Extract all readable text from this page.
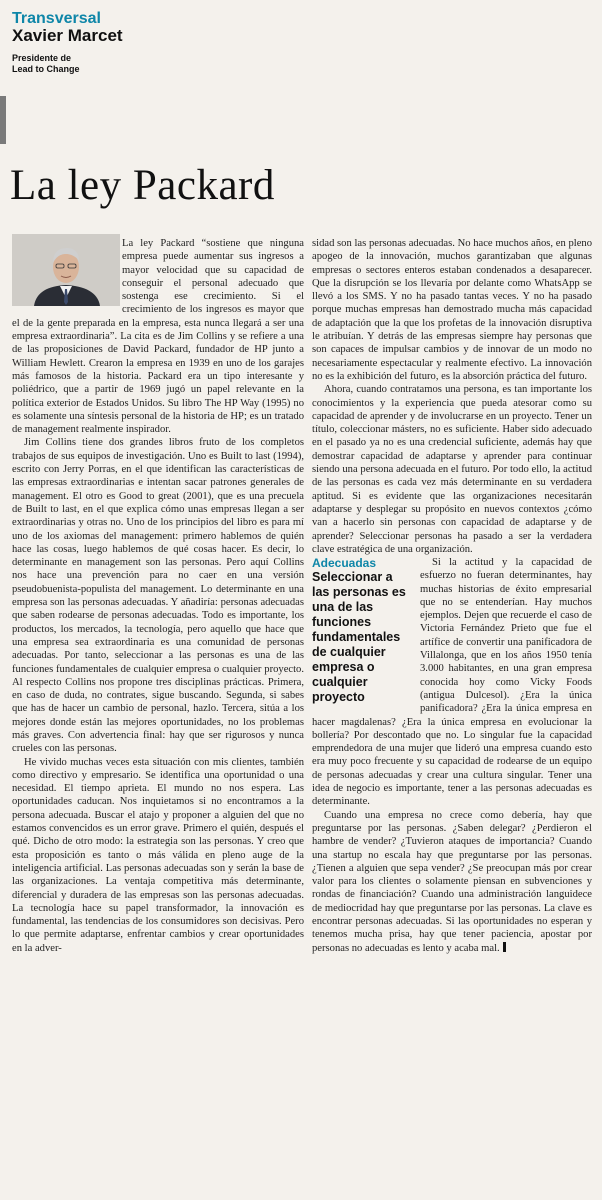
Transversal
Xavier Marcet
Presidente de
Lead to Change
La ley Packard

La ley Packard “sostiene que ninguna empresa puede aumentar sus ingresos a mayor velocidad que su capacidad de conseguir el personal adecuado que sostenga ese crecimiento. Si el crecimiento de los ingresos es mayor que el de la gente preparada en la empresa, esta nunca llegará a ser una empresa extraordinaria”. La cita es de Jim Collins y se refiere a una de las proposiciones de David Packard, fundador de HP junto a William Hewlett. Crearon la empresa en 1939 en uno de los garajes más famosos de la historia. Packard era un tipo interesante y poliédrico, que a partir de 1969 jugó un papel relevante en la política exterior de Estados Unidos. Su libro The HP Way (1995) no es solamente una síntesis personal de la historia de HP; es un tratado de management realmente inspirador.

Jim Collins tiene dos grandes libros fruto de los completos trabajos de sus equipos de investigación. Uno es Built to last (1994), escrito con Jerry Porras, en el que identifican las características de las empresas extraordinarias e intentan sacar patrones generales de management. El otro es Good to great (2001), que es una precuela de Built to last, en el que explica cómo unas empresas llegan a ser extraordinarias y otras no. Uno de los principios del libro es para mí uno de los axiomas del management: primero hablemos de quién hace las cosas, luego hablemos de qué cosas hacer. Es decir, lo determinante en management son las personas. Pero aquí Collins nos hace una prevención para no caer en una versión pseudobuenista-populista del management. Lo determinante en una empresa son las personas adecuadas. Y añadiría: personas adecuadas que saben rodearse de personas adecuadas. Todo es importante, los productos, los mercados, la tecnología, pero aquello que hace que una empresa sea extraordinaria es una comunidad de personas adecuadas. Por tanto, seleccionar a las personas es una de las funciones fundamentales de cualquier empresa o cualquier proyecto. Al respecto Collins nos propone tres disciplinas prácticas. Primera, en caso de duda, no contrates, sigue buscando. Segunda, si sabes que has de hacer un cambio de personal, hazlo. Tercera, sitúa a los mejores donde están las mejores oportunidades, no los problemas más graves. Con advertencia final: hay que ser rigurosos y nunca crueles con las personas.

He vivido muchas veces esta situación con mis clientes, también como directivo y empresario. Se identifica una oportunidad o una necesidad. El tiempo aprieta. El mundo no nos espera. Las oportunidades caducan. Nos inquietamos si no encontramos a la persona adecuada. Buscar el atajo y proponer a alguien del que no estamos convencidos es un error grave. Primero el quién, después el qué. Dicho de otro modo: la estrategia son las personas. Y creo que esta proposición es tanto o más válida en pleno auge de la inteligencia artificial. Las personas adecuadas son y serán la base de las organizaciones. La ventaja competitiva más determinante, diferencial y duradera de las empresas son las personas adecuadas. La tecnología hace su papel transformador, la innovación es fundamental, las tendencias de los consumidores son decisivas. Pero lo que permite adaptarse, enfrentar cambios y crear oportunidades en la adver-

sidad son las personas adecuadas. No hace muchos años, en pleno apogeo de la innovación, muchos garantizaban que algunas empresas o sectores enteros estaban condenados a desaparecer. Que la disrupción se los llevaría por delante como WhatsApp se llevó a los SMS. Y no ha pasado tantas veces. Y no ha pasado porque muchas empresas han demostrado mucha más capacidad de adaptación que la que los profetas de la innovación disruptiva le atribuían. Y detrás de las empresas siempre hay personas que son capaces de impulsar cambios y de innovar de un modo no necesariamente espectacular y realmente efectivo. La innovación no es la exhibición del futuro, es la absorción práctica del futuro.

Ahora, cuando contratamos una persona, es tan importante los conocimientos y la experiencia que pueda atesorar como su capacidad de aprender y de involucrarse en un proyecto. Tener un título, coleccionar másters, no es suficiente. Haber sido adecuado en el pasado ya no es una credencial suficiente, además hay que demostrar capacidad de adaptarse y aprender para continuar siendo una persona adecuada en el futuro. Por todo ello, la actitud de las personas es cada vez más determinante en su verdadera aptitud. Si es evidente que las organizaciones necesitarán adaptarse y desplegar su propósito en nuevos contextos ¿cómo van a hacerlo sin personas con capacidad de adaptarse y de aprender? Seleccionar personas ha pasado a ser la verdadera clave estratégica de una organización.

Adecuadas
Seleccionar a las personas es una de las funciones fundamentales de cualquier empresa o cualquier proyecto

Si la actitud y la capacidad de esfuerzo no fueran determinantes, hay muchas historias de éxito empresarial que no se entenderían. Hay muchos ejemplos. Dejen que recuerde el caso de Victoria Fernández Prieto que fue el artífice de convertir una panificadora de Villalonga, que en los años 1950 tenía 3.000 habitantes, en una gran empresa conocida hoy como Vicky Foods (antigua Dulcesol). ¿Era la única panificadora? ¿Era la única empresa en hacer magdalenas? ¿Era la única empresa en evolucionar la bollería? Por descontado que no. Lo singular fue la capacidad emprendedora de una mujer que lideró una empresa cuando esto era muy poco frecuente y su capacidad de rodearse de un equipo de personas adecuadas y crear una cultura singular. Tener una idea de negocio es importante, tener a las personas adecuadas es determinante.

Cuando una empresa no crece como debería, hay que preguntarse por las personas. ¿Saben delegar? ¿Perdieron el hambre de vender? ¿Tuvieron ataques de importancia? Cuando una startup no escala hay que preguntarse por las personas. ¿Tienen a alguien que sepa vender? ¿Se preocupan más por crear valor para los clientes o solamente piensan en subvenciones y rondas de financiación? Cuando una administración languidece de mediocridad hay que preguntarse por las personas. La clave es encontrar personas adecuadas. Si las oportunidades no esperan y tenemos mucha prisa, hay que tener paciencia, apostar por personas no adecuadas es lento y acaba mal.
